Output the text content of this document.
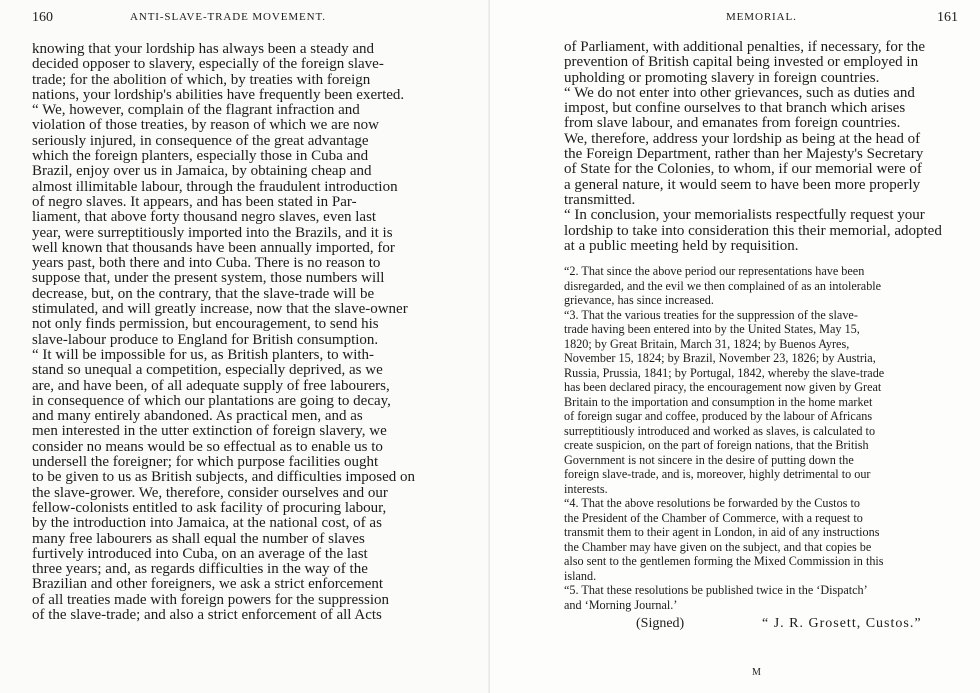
160	ANTI-SLAVE-TRADE MOVEMENT.
knowing that your lordship has always been a steady and
decided opposer to slavery, especially of the foreign slave-
trade; for the abolition of which, by treaties with foreign
nations, your lordship's abilities have frequently been exerted.
“ We, however, complain of the flagrant infraction and
violation of those treaties, by reason of which we are now
seriously injured, in consequence of the great advantage
which the foreign planters, especially those in Cuba and
Brazil, enjoy over us in Jamaica, by obtaining cheap and
almost illimitable labour, through the fraudulent introduction
of negro slaves. It appears, and has been stated in Par-
liament, that above forty thousand negro slaves, even last
year, were surreptitiously imported into the Brazils, and it is
well known that thousands have been annually imported, for
years past, both there and into Cuba. There is no reason to
suppose that, under the present system, those numbers will
decrease, but, on the contrary, that the slave-trade will be
stimulated, and will greatly increase, now that the slave-owner
not only finds permission, but encouragement, to send his
slave-labour produce to England for British consumption.
“ It will be impossible for us, as British planters, to with-
stand so unequal a competition, especially deprived, as we
are, and have been, of all adequate supply of free labourers,
in consequence of which our plantations are going to decay,
and many entirely abandoned. As practical men, and as
men interested in the utter extinction of foreign slavery, we
consider no means would be so effectual as to enable us to
undersell the foreigner; for which purpose facilities ought
to be given to us as British subjects, and difficulties imposed on
the slave-grower. We, therefore, consider ourselves and our
fellow-colonists entitled to ask facility of procuring labour,
by the introduction into Jamaica, at the national cost, of as
many free labourers as shall equal the number of slaves
furtively introduced into Cuba, on an average of the last
three years; and, as regards difficulties in the way of the
Brazilian and other foreigners, we ask a strict enforcement
of all treaties made with foreign powers for the suppression
of the slave-trade; and also a strict enforcement of all Acts
MEMORIAL.	161
of Parliament, with additional penalties, if necessary, for the
prevention of British capital being invested or employed in
upholding or promoting slavery in foreign countries.
“ We do not enter into other grievances, such as duties and
impost, but confine ourselves to that branch which arises
from slave labour, and emanates from foreign countries.
We, therefore, address your lordship as being at the head of
the Foreign Department, rather than her Majesty's Secretary
of State for the Colonies, to whom, if our memorial were of
a general nature, it would seem to have been more properly
transmitted.
“ In conclusion, your memorialists respectfully request your
lordship to take into consideration this their memorial, adopted
at a public meeting held by requisition.
“2. That since the above period our representations have been
disregarded, and the evil we then complained of as an intolerable
grievance, has since increased.
“3. That the various treaties for the suppression of the slave-
trade having been entered into by the United States, May 15,
1820; by Great Britain, March 31, 1824; by Buenos Ayres,
November 15, 1824; by Brazil, November 23, 1826; by Austria,
Russia, Prussia, 1841; by Portugal, 1842, whereby the slave-trade
has been declared piracy, the encouragement now given by Great
Britain to the importation and consumption in the home market
of foreign sugar and coffee, produced by the labour of Africans
surreptitiously introduced and worked as slaves, is calculated to
create suspicion, on the part of foreign nations, that the British
Government is not sincere in the desire of putting down the
foreign slave-trade, and is, moreover, highly detrimental to our
interests.
“4. That the above resolutions be forwarded by the Custos to
the President of the Chamber of Commerce, with a request to
transmit them to their agent in London, in aid of any instructions
the Chamber may have given on the subject, and that copies be
also sent to the gentlemen forming the Mixed Commission in this
island.
“5. That these resolutions be published twice in the ‘Dispatch’
and ‘Morning Journal.’
(Signed)	“ J. R. Grosett, Custos.”
M
